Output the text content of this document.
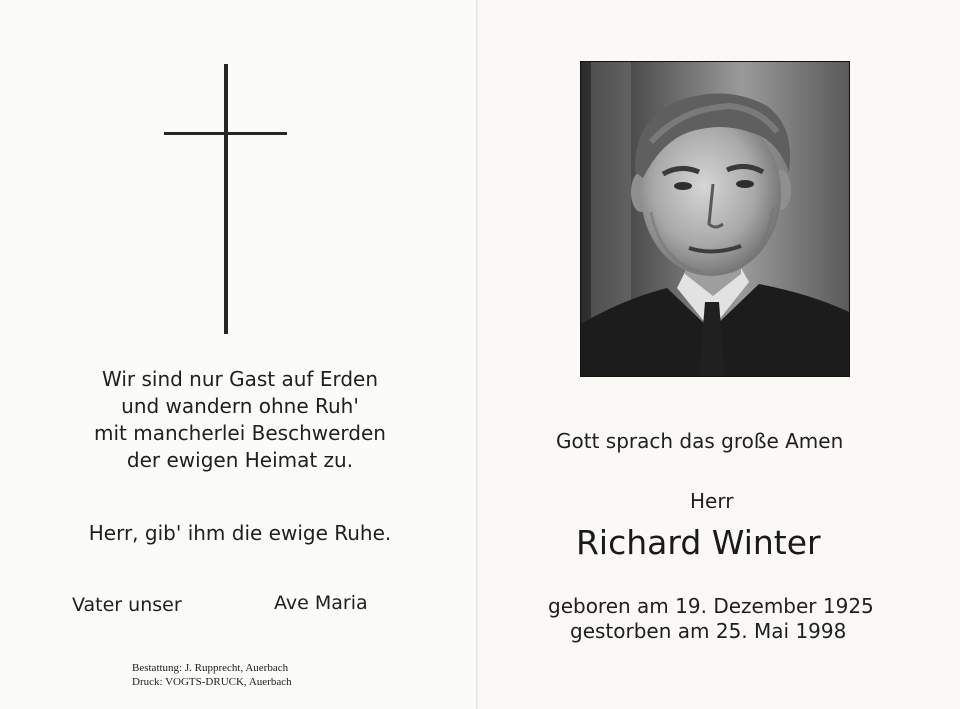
Wir sind nur Gast auf Erden
und wandern ohne Ruh'
mit mancherlei Beschwerden
der ewigen Heimat zu.
Herr, gib' ihm die ewige Ruhe.
Vater unser	Ave Maria
Bestattung: J. Rupprecht, Auerbach
Druck: VOGTS-DRUCK, Auerbach
Gott sprach das große Amen
Herr
Richard Winter
geboren am 19. Dezember 1925
gestorben am 25. Mai 1998
